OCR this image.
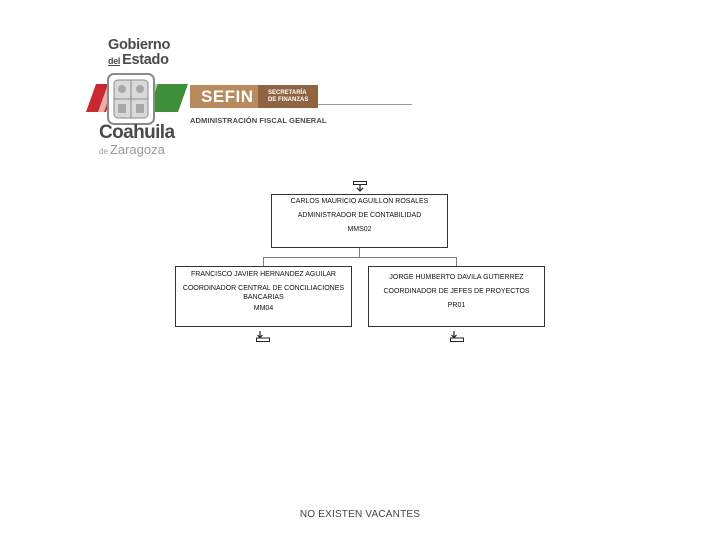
Gobierno
del Estado
SEFIN	SECRETARÍA
DE FINANZAS
ADMINISTRACIÓN FISCAL GENERAL
Coahuila
de Zaragoza
CARLOS MAURICIO AGUILLON ROSALES
ADMINISTRADOR DE CONTABILIDAD
MMS02
FRANCISCO JAVIER HERNANDEZ AGUILAR
COORDINADOR CENTRAL DE CONCILIACIONES BANCARIAS
MM04
JORGE HUMBERTO DAVILA GUTIERREZ
COORDINADOR DE JEFES DE PROYECTOS
PR01
NO EXISTEN VACANTES
